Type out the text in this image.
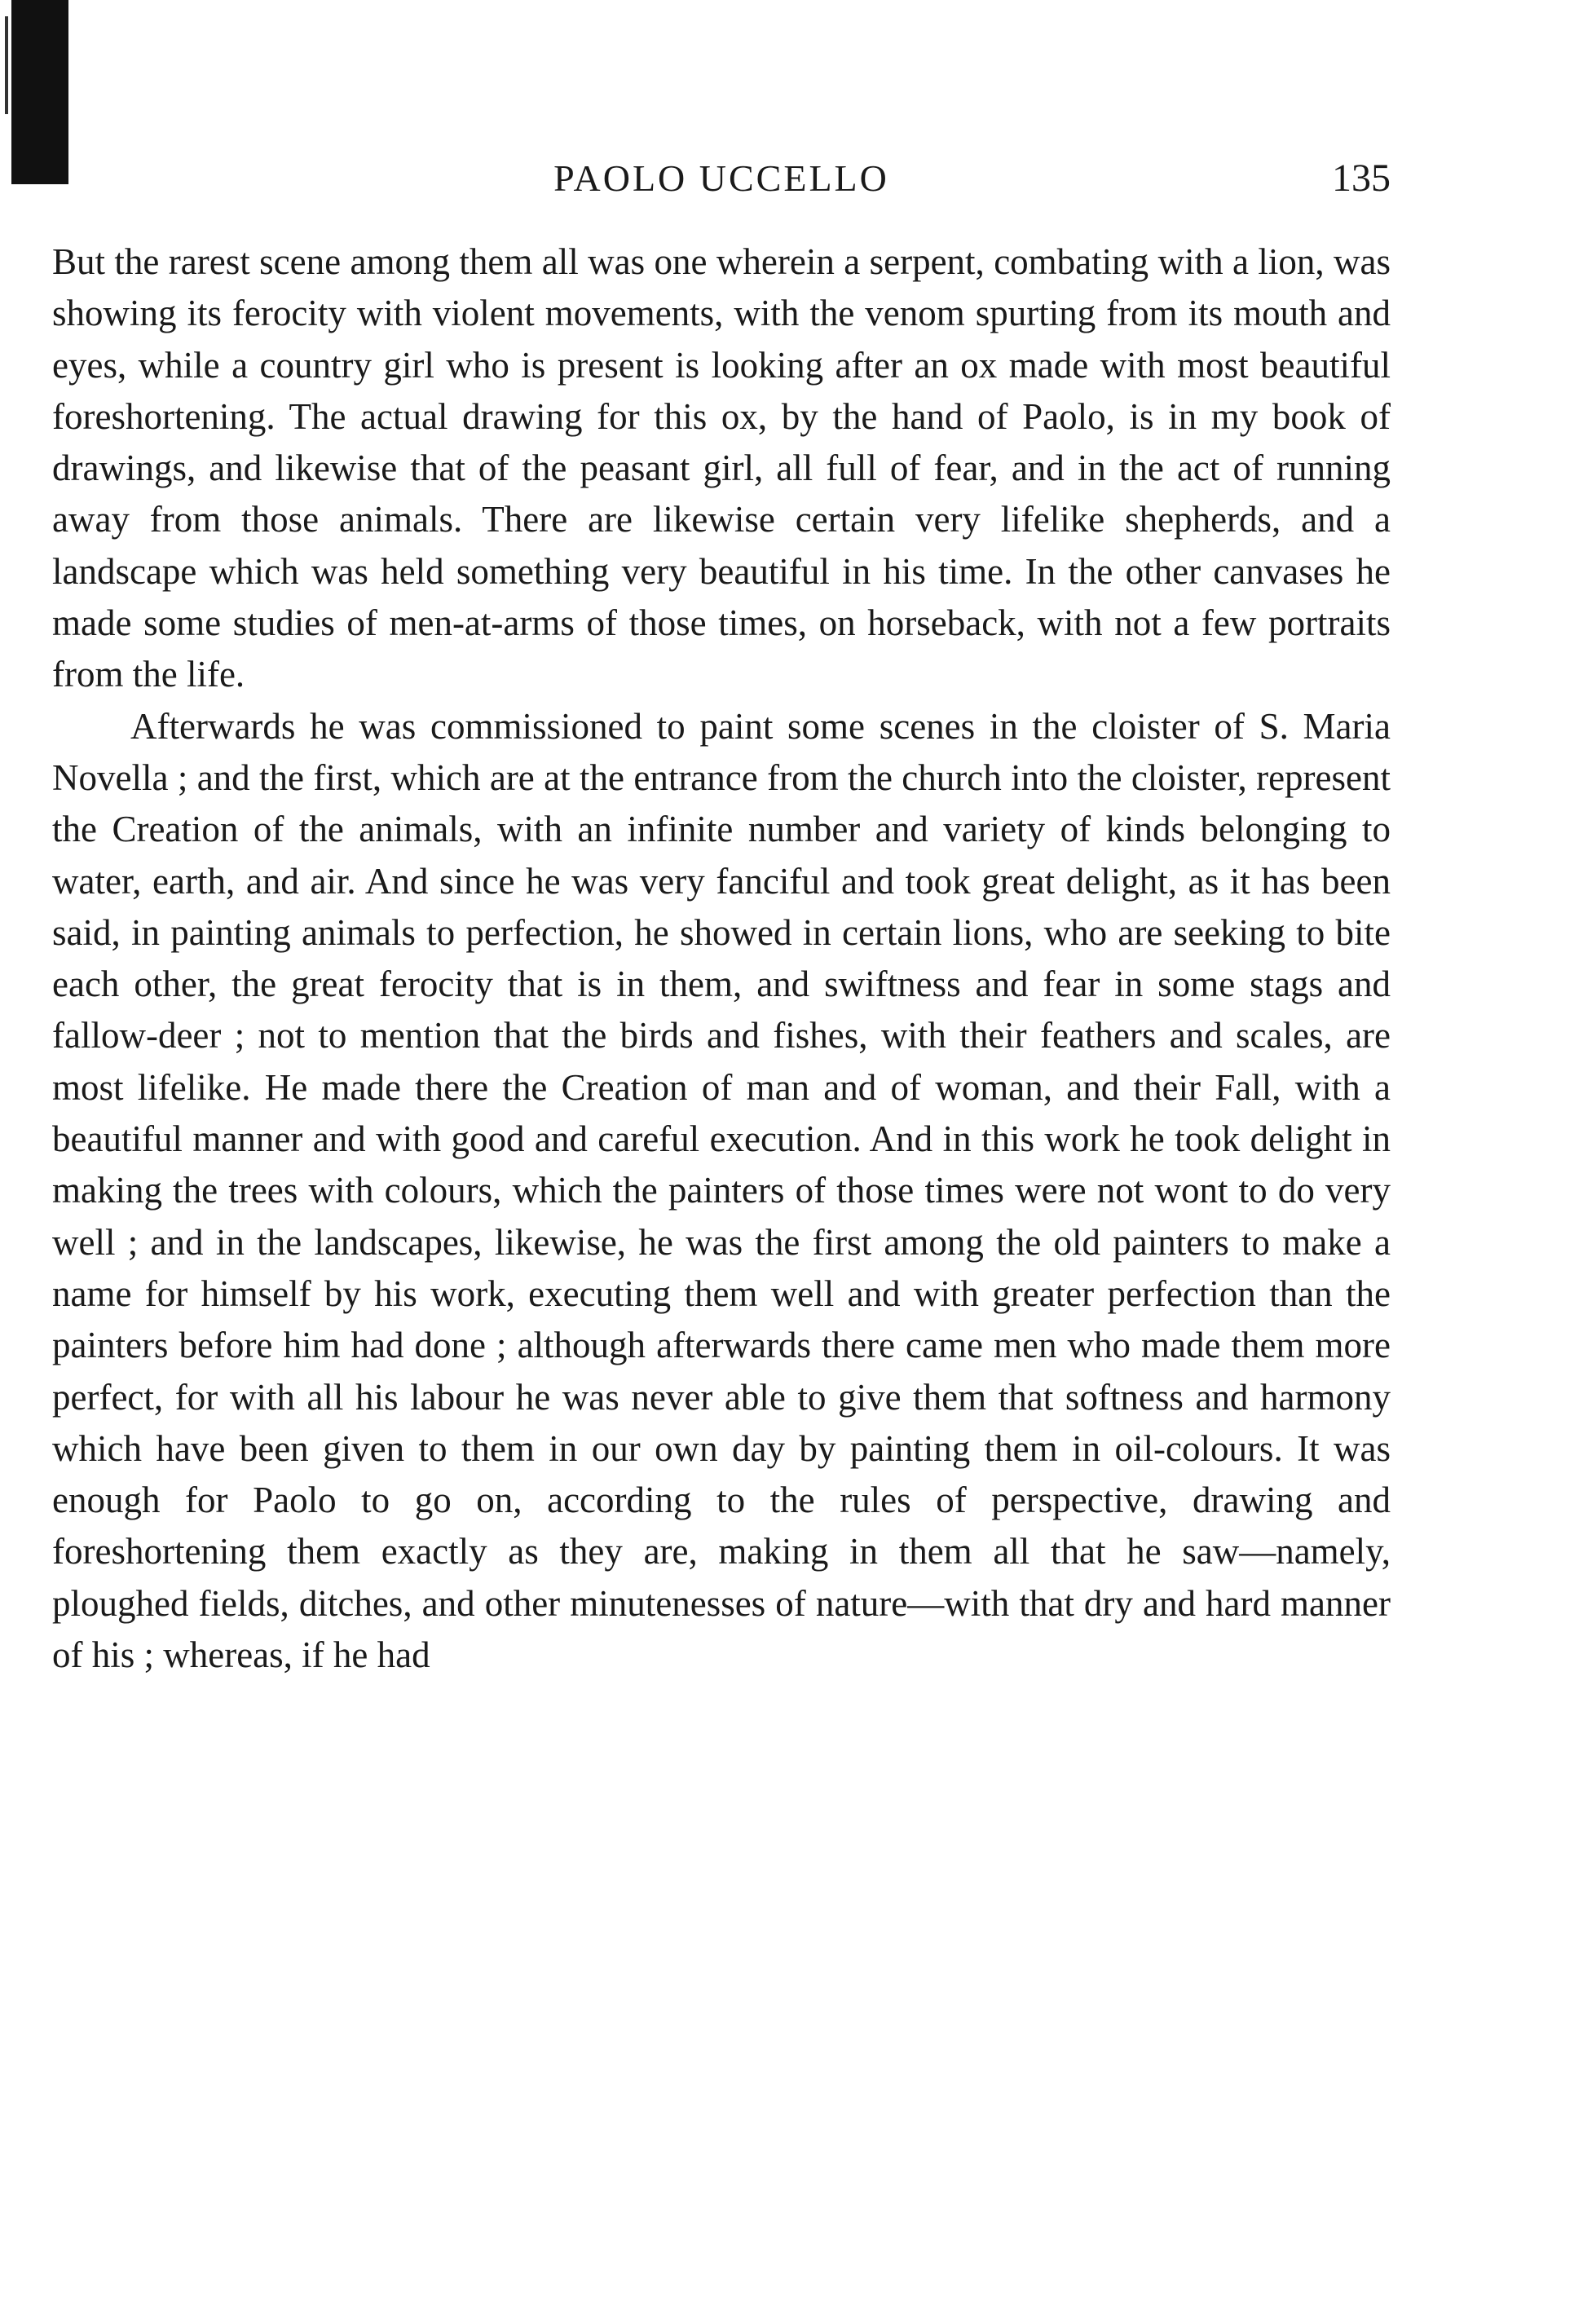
PAOLO UCCELLO	135

But the rarest scene among them all was one wherein a serpent, combating with a lion, was showing its ferocity with violent movements, with the venom spurting from its mouth and eyes, while a country girl who is present is looking after an ox made with most beautiful foreshortening. The actual drawing for this ox, by the hand of Paolo, is in my book of drawings, and likewise that of the peasant girl, all full of fear, and in the act of running away from those animals. There are likewise certain very lifelike shepherds, and a landscape which was held something very beautiful in his time. In the other canvases he made some studies of men-at-arms of those times, on horseback, with not a few portraits from the life.

Afterwards he was commissioned to paint some scenes in the cloister of S. Maria Novella ; and the first, which are at the entrance from the church into the cloister, represent the Creation of the animals, with an infinite number and variety of kinds belonging to water, earth, and air. And since he was very fanciful and took great delight, as it has been said, in painting animals to perfection, he showed in certain lions, who are seeking to bite each other, the great ferocity that is in them, and swiftness and fear in some stags and fallow-deer ; not to mention that the birds and fishes, with their feathers and scales, are most lifelike. He made there the Creation of man and of woman, and their Fall, with a beautiful manner and with good and careful execution. And in this work he took delight in making the trees with colours, which the painters of those times were not wont to do very well ; and in the landscapes, likewise, he was the first among the old painters to make a name for himself by his work, executing them well and with greater perfection than the painters before him had done ; although afterwards there came men who made them more perfect, for with all his labour he was never able to give them that softness and harmony which have been given to them in our own day by painting them in oil-colours. It was enough for Paolo to go on, according to the rules of perspective, drawing and foreshortening them exactly as they are, making in them all that he saw—namely, ploughed fields, ditches, and other minutenesses of nature—with that dry and hard manner of his ; whereas, if he had
